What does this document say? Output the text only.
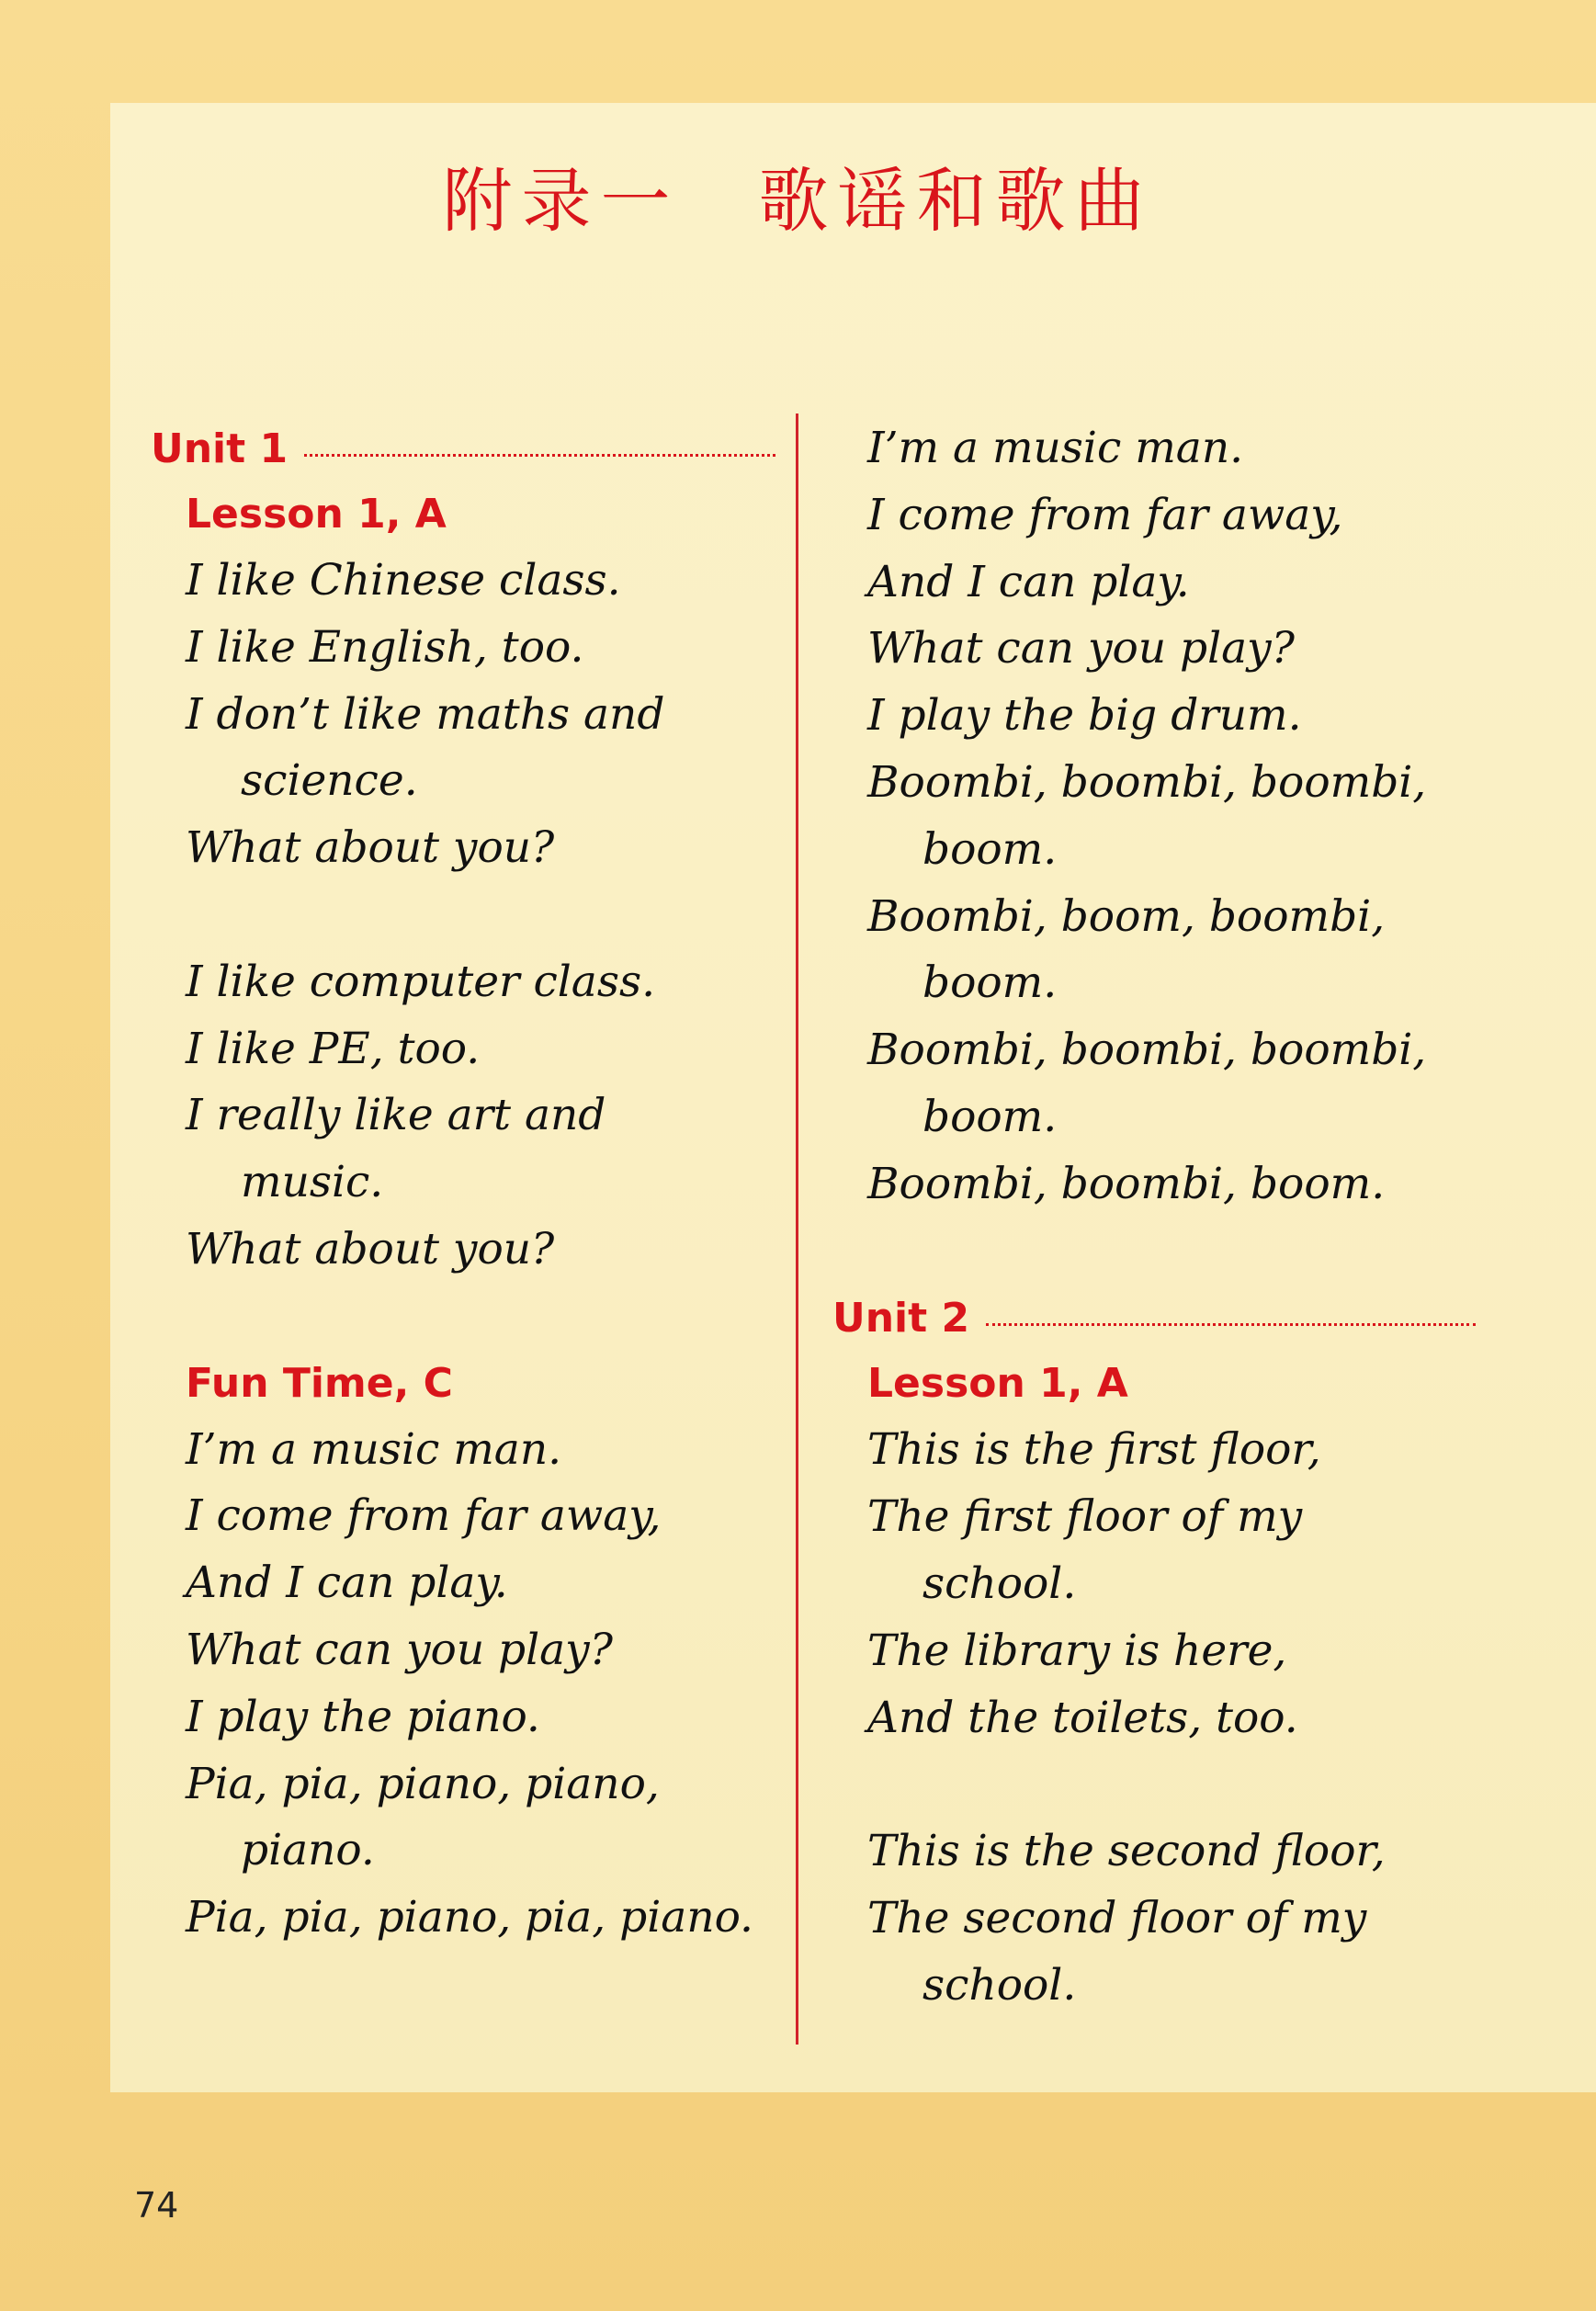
附录一　歌谣和歌曲
Unit 1
Lesson 1, A
I like Chinese class.
I like English, too.
I don’t like maths and
science.
What about you?
I like computer class.
I like PE, too.
I really like art and
music.
What about you?
Fun Time, C
I’m a music man.
I come from far away,
And I can play.
What can you play?
I play the piano.
Pia, pia, piano, piano,
piano.
Pia, pia, piano, pia, piano.
I’m a music man.
I come from far away,
And I can play.
What can you play?
I play the big drum.
Boombi, boombi, boombi,
boom.
Boombi, boom, boombi,
boom.
Boombi, boombi, boombi,
boom.
Boombi, boombi, boom.
Unit 2
Lesson 1, A
This is the first floor,
The first floor of my
school.
The library is here,
And the toilets, too.
This is the second floor,
The second floor of my
school.
74
